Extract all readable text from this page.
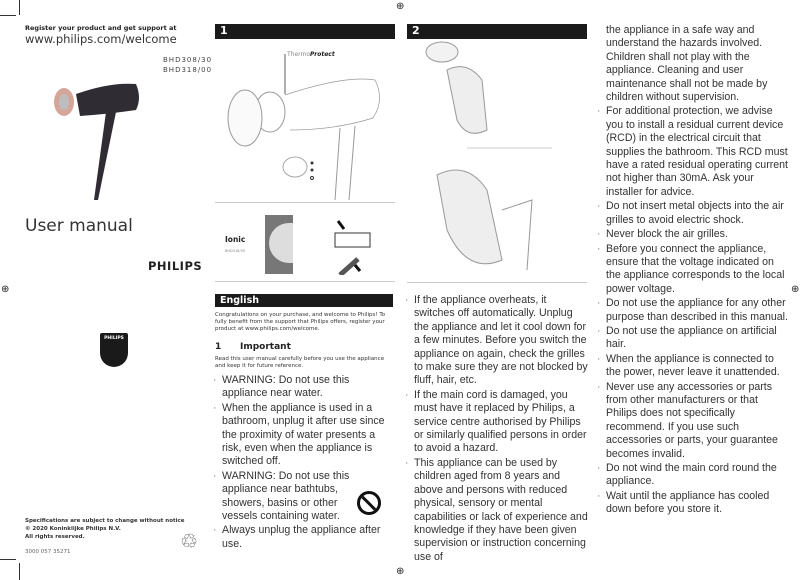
⊕
⊕
⊕	⊕
Register your product and get support at
www.philips.com/welcome
BHD308/30
BHD318/00
User manual
PHILIPS
PHILIPS
Specifications are subject to change without notice
© 2020 Koninklijke Philips N.V.
All rights reserved.
3000 057 35271	♲
1
ThermoProtect
Ionic
BHD318/00
2
English
Congratulations on your purchase, and welcome to Philips! To fully benefit from the support that Philips offers, register your product at www.philips.com/welcome.
1 Important
Read this user manual carefully before you use the appliance and keep it for future reference.
· WARNING: Do not use this appliance near water.
· When the appliance is used in a bathroom, unplug it after use since the proximity of water presents a risk, even when the appliance is switched off.
· WARNING: Do not use this appliance near bathtubs, showers, basins or other vessels containing water.
· Always unplug the appliance after use.
· If the appliance overheats, it switches off automatically. Unplug the appliance and let it cool down for a few minutes. Before you switch the appliance on again, check the grilles to make sure they are not blocked by fluff, hair, etc.
· If the main cord is damaged, you must have it replaced by Philips, a service centre authorised by Philips or similarly qualified persons in order to avoid a hazard.
· This appliance can be used by children aged from 8 years and above and persons with reduced physical, sensory or mental capabilities or lack of experience and knowledge if they have been given supervision or instruction concerning use of
the appliance in a safe way and understand the hazards involved. Children shall not play with the appliance. Cleaning and user maintenance shall not be made by children without supervision.
· For additional protection, we advise you to install a residual current device (RCD) in the electrical circuit that supplies the bathroom. This RCD must have a rated residual operating current not higher than 30mA. Ask your installer for advice.
· Do not insert metal objects into the air grilles to avoid electric shock.
· Never block the air grilles.
· Before you connect the appliance, ensure that the voltage indicated on the appliance corresponds to the local power voltage.
· Do not use the appliance for any other purpose than described in this manual.
· Do not use the appliance on artificial hair.
· When the appliance is connected to the power, never leave it unattended.
· Never use any accessories or parts from other manufacturers or that Philips does not specifically recommend. If you use such accessories or parts, your guarantee becomes invalid.
· Do not wind the main cord round the appliance.
· Wait until the appliance has cooled down before you store it.
